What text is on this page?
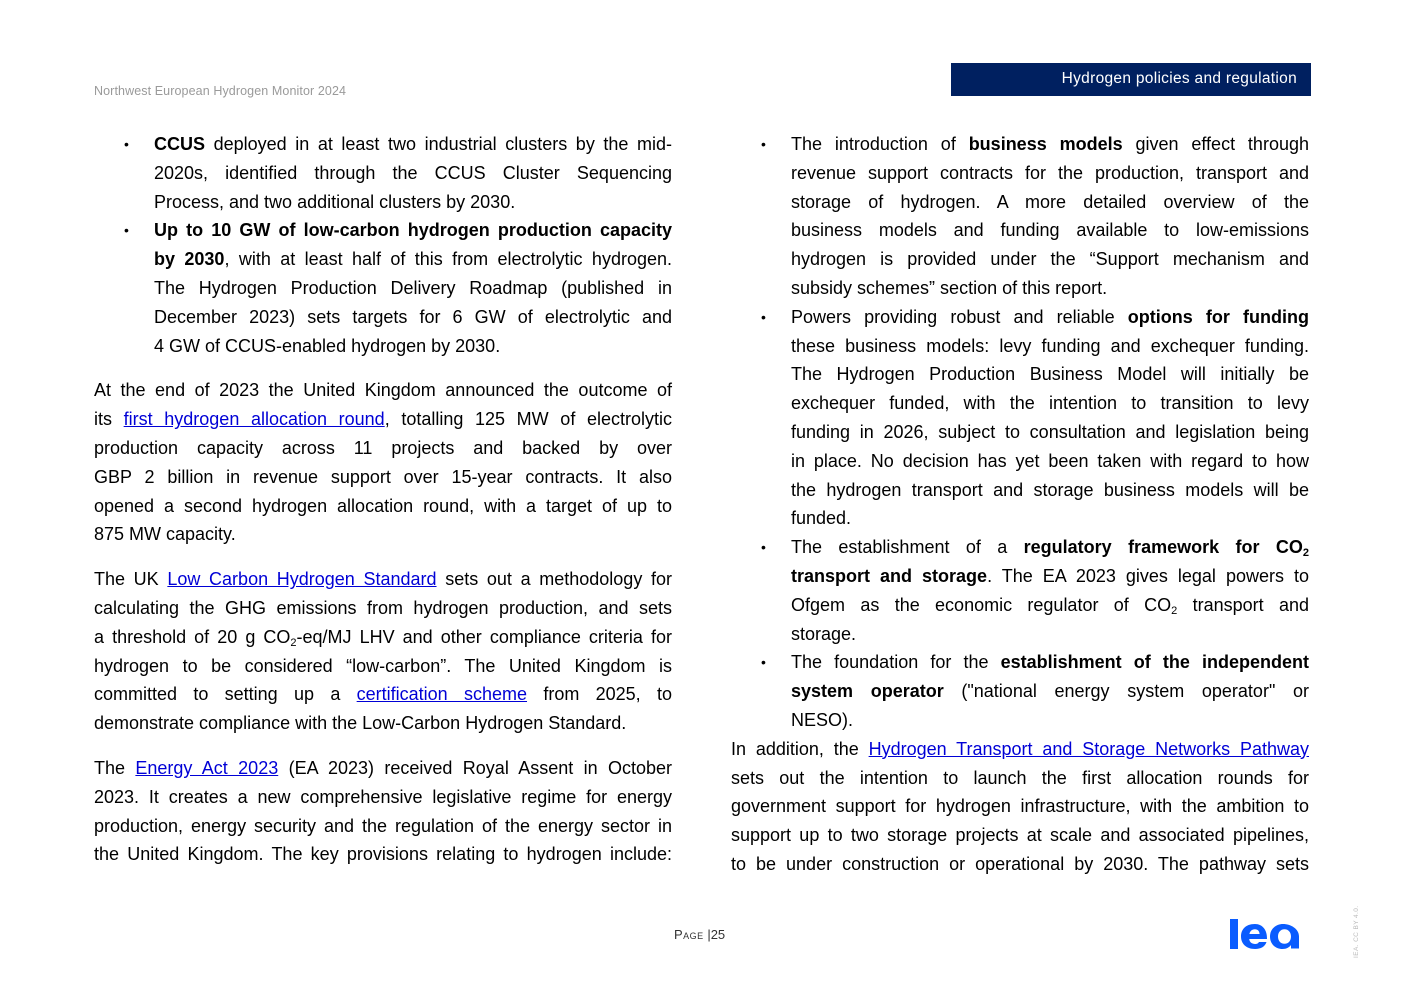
Northwest European Hydrogen Monitor 2024
Hydrogen policies and regulation
• CCUS deployed in at least two industrial clusters by the mid-
2020s, identified through the CCUS Cluster Sequencing
Process, and two additional clusters by 2030.
• Up to 10 GW of low-carbon hydrogen production capacity
by 2030, with at least half of this from electrolytic hydrogen.
The Hydrogen Production Delivery Roadmap (published in
December 2023) sets targets for 6 GW of electrolytic and
4 GW of CCUS-enabled hydrogen by 2030.
At the end of 2023 the United Kingdom announced the outcome of
its first hydrogen allocation round, totalling 125 MW of electrolytic
production capacity across 11 projects and backed by over
GBP 2 billion in revenue support over 15-year contracts. It also
opened a second hydrogen allocation round, with a target of up to
875 MW capacity.
The UK Low Carbon Hydrogen Standard sets out a methodology for
calculating the GHG emissions from hydrogen production, and sets
a threshold of 20 g $CO_2-eq/MJ$ LHV and other compliance criteria for
hydrogen to be considered “low-carbon”. The United Kingdom is
committed to setting up a certification scheme from 2025, to
demonstrate compliance with the Low-Carbon Hydrogen Standard.
The Energy Act 2023 (EA 2023) received Royal Assent in October
2023. It creates a new comprehensive legislative regime for energy
production, energy security and the regulation of the energy sector in
the United Kingdom. The key provisions relating to hydrogen include:
• The introduction of business models given effect through
revenue support contracts for the production, transport and
storage of hydrogen. A more detailed overview of the
business models and funding available to low-emissions
hydrogen is provided under the “Support mechanism and
subsidy schemes” section of this report.
• Powers providing robust and reliable options for funding
these business models: levy funding and exchequer funding.
The Hydrogen Production Business Model will initially be
exchequer funded, with the intention to transition to levy
funding in 2026, subject to consultation and legislation being
in place. No decision has yet been taken with regard to how
the hydrogen transport and storage business models will be
funded.
• The establishment of a regulatory framework for $CO_2$
transport and storage. The EA 2023 gives legal powers to
Ofgem as the economic regulator of $CO_2$ transport and
storage.
• The foundation for the establishment of the independent
system operator ("national energy system operator" or
NESO).
In addition, the Hydrogen Transport and Storage Networks Pathway
sets out the intention to launch the first allocation rounds for
government support for hydrogen infrastructure, with the ambition to
support up to two storage projects at scale and associated pipelines,
to be under construction or operational by 2030. The pathway sets
Page |25	IEA. CC BY 4.0.
